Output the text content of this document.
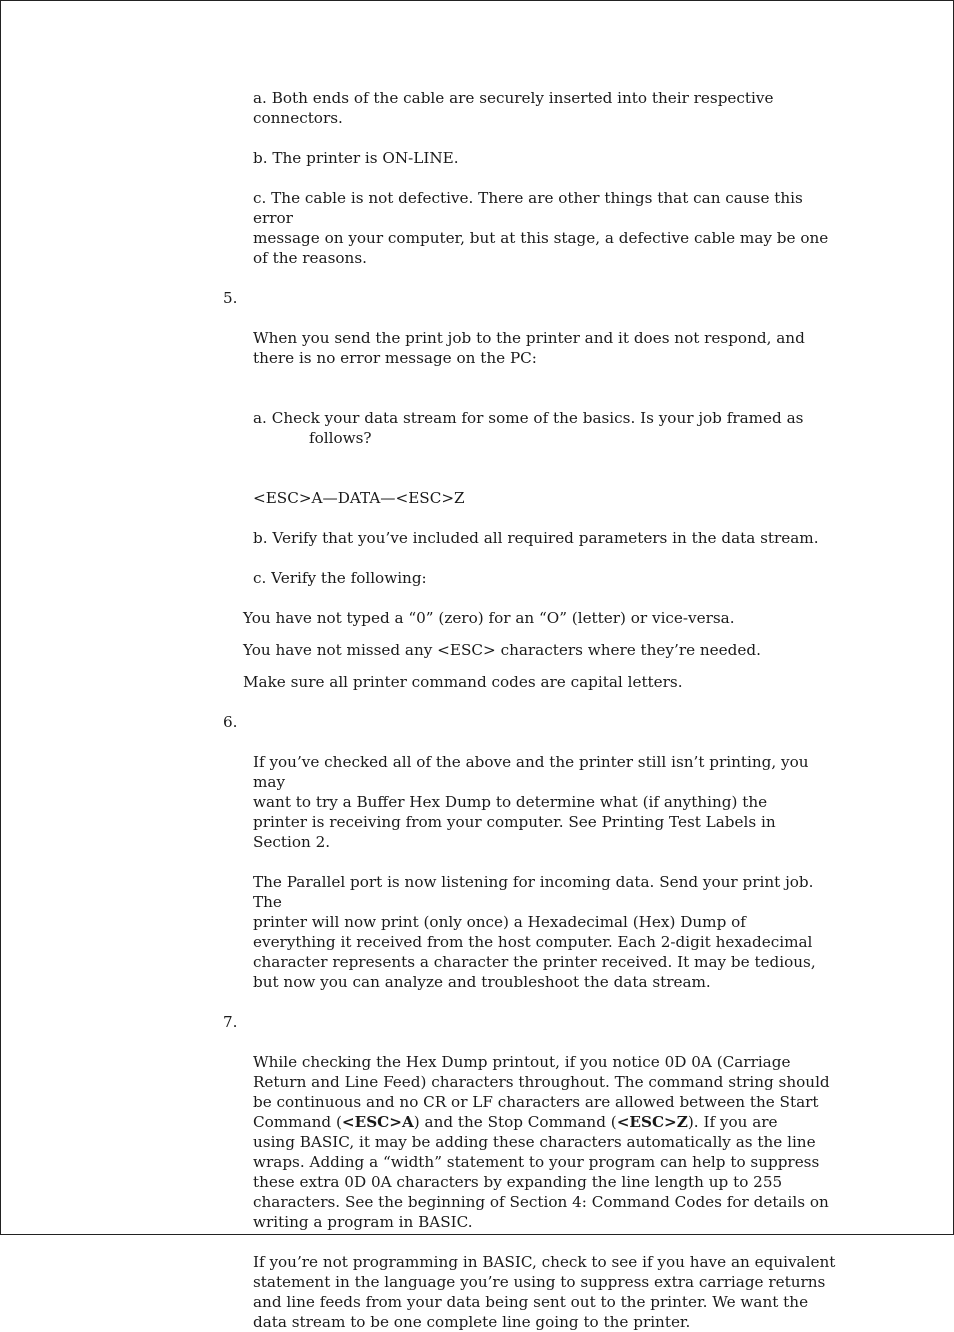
a. Both ends of the cable are securely inserted into their respective connectors.
b. The printer is ON-LINE.
c. The cable is not defective. There are other things that can cause this error
message on your computer, but at this stage, a defective cable may be one
of the reasons.

5.

When you send the print job to the printer and it does not respond, and
there is no error message on the PC:

a. Check your data stream for some of the basics. Is your job framed as

follows?

<ESC>A—DATA—<ESC>Z
b. Verify that you’ve included all required parameters in the data stream.
c. Verify the following:
You have not typed a “0” (zero) for an “O” (letter) or vice-versa.
You have not missed any <ESC> characters where they’re needed.
Make sure all printer command codes are capital letters.

6.

If you’ve checked all of the above and the printer still isn’t printing, you may
want to try a Buffer Hex Dump to determine what (if anything) the
printer is receiving from your computer. See Printing Test Labels in
Section 2.

The Parallel port is now listening for incoming data. Send your print job. The
printer will now print (only once) a Hexadecimal (Hex) Dump of
everything it received from the host computer. Each 2-digit hexadecimal
character represents a character the printer received. It may be tedious,
but now you can analyze and troubleshoot the data stream.

7.

While checking the Hex Dump printout, if you notice 0D 0A (Carriage
Return and Line Feed) characters throughout. The command string should
be continuous and no CR or LF characters are allowed between the Start
Command (<ESC>A) and the Stop Command (<ESC>Z). If you are
using BASIC, it may be adding these characters automatically as the line
wraps. Adding a “width” statement to your program can help to suppress
these extra 0D 0A characters by expanding the line length up to 255
characters. See the beginning of Section 4: Command Codes for details on
writing a program in BASIC.

If you’re not programming in BASIC, check to see if you have an equivalent
statement in the language you’re using to suppress extra carriage returns
and line feeds from your data being sent out to the printer. We want the
data stream to be one complete line going to the printer.
